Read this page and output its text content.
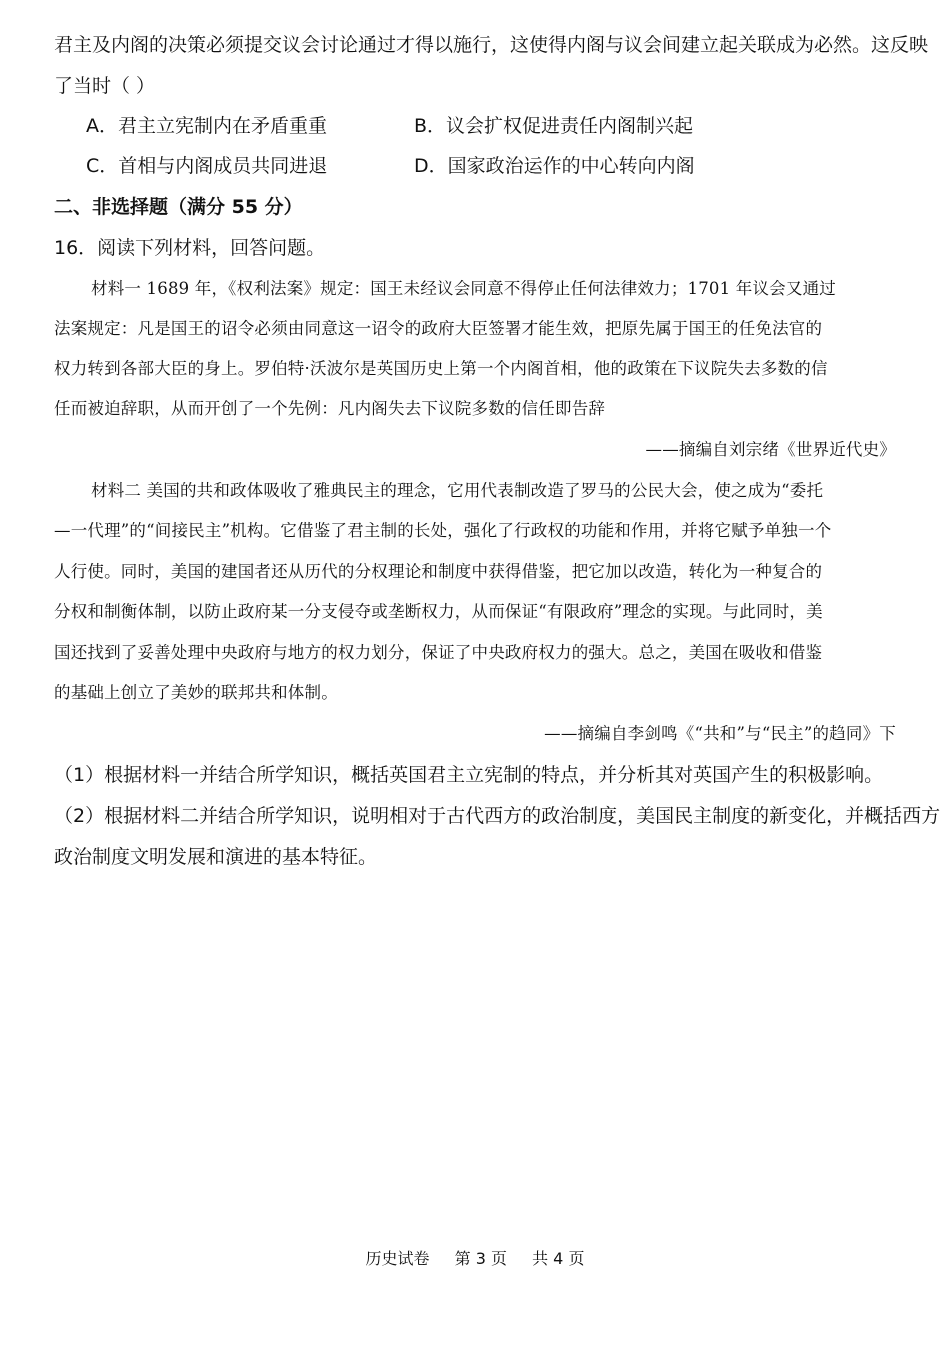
君主及内阁的决策必须提交议会讨论通过才得以施行，这使得内阁与议会间建立起关联成为必然。这反映
了当时（ ）
A．君主立宪制内在矛盾重重	B．议会扩权促进责任内阁制兴起
C．首相与内阁成员共同进退	D．国家政治运作的中心转向内阁
二、非选择题（满分 55 分）
16．阅读下列材料，回答问题。
材料一 1689 年，《权利法案》规定：国王未经议会同意不得停止任何法律效力；1701 年议会又通过
法案规定：凡是国王的诏令必须由同意这一诏令的政府大臣签署才能生效，把原先属于国王的任免法官的
权力转到各部大臣的身上。罗伯特·沃波尔是英国历史上第一个内阁首相，他的政策在下议院失去多数的信
任而被迫辞职，从而开创了一个先例：凡内阁失去下议院多数的信任即告辞
——摘编自刘宗绪《世界近代史》
材料二 美国的共和政体吸收了雅典民主的理念，它用代表制改造了罗马的公民大会，使之成为“委托
—一代理”的“间接民主”机构。它借鉴了君主制的长处，强化了行政权的功能和作用，并将它赋予单独一个
人行使。同时，美国的建国者还从历代的分权理论和制度中获得借鉴，把它加以改造，转化为一种复合的
分权和制衡体制，以防止政府某一分支侵夺或垄断权力，从而保证“有限政府”理念的实现。与此同时，美
国还找到了妥善处理中央政府与地方的权力划分，保证了中央政府权力的强大。总之，美国在吸收和借鉴
的基础上创立了美妙的联邦共和体制。
——摘编自李剑鸣《“共和”与“民主”的趋同》下
（1）根据材料一并结合所学知识，概括英国君主立宪制的特点，并分析其对英国产生的积极影响。
（2）根据材料二并结合所学知识，说明相对于古代西方的政治制度，美国民主制度的新变化，并概括西方
政治制度文明发展和演进的基本特征。
历史试卷 第 3 页 共 4 页
